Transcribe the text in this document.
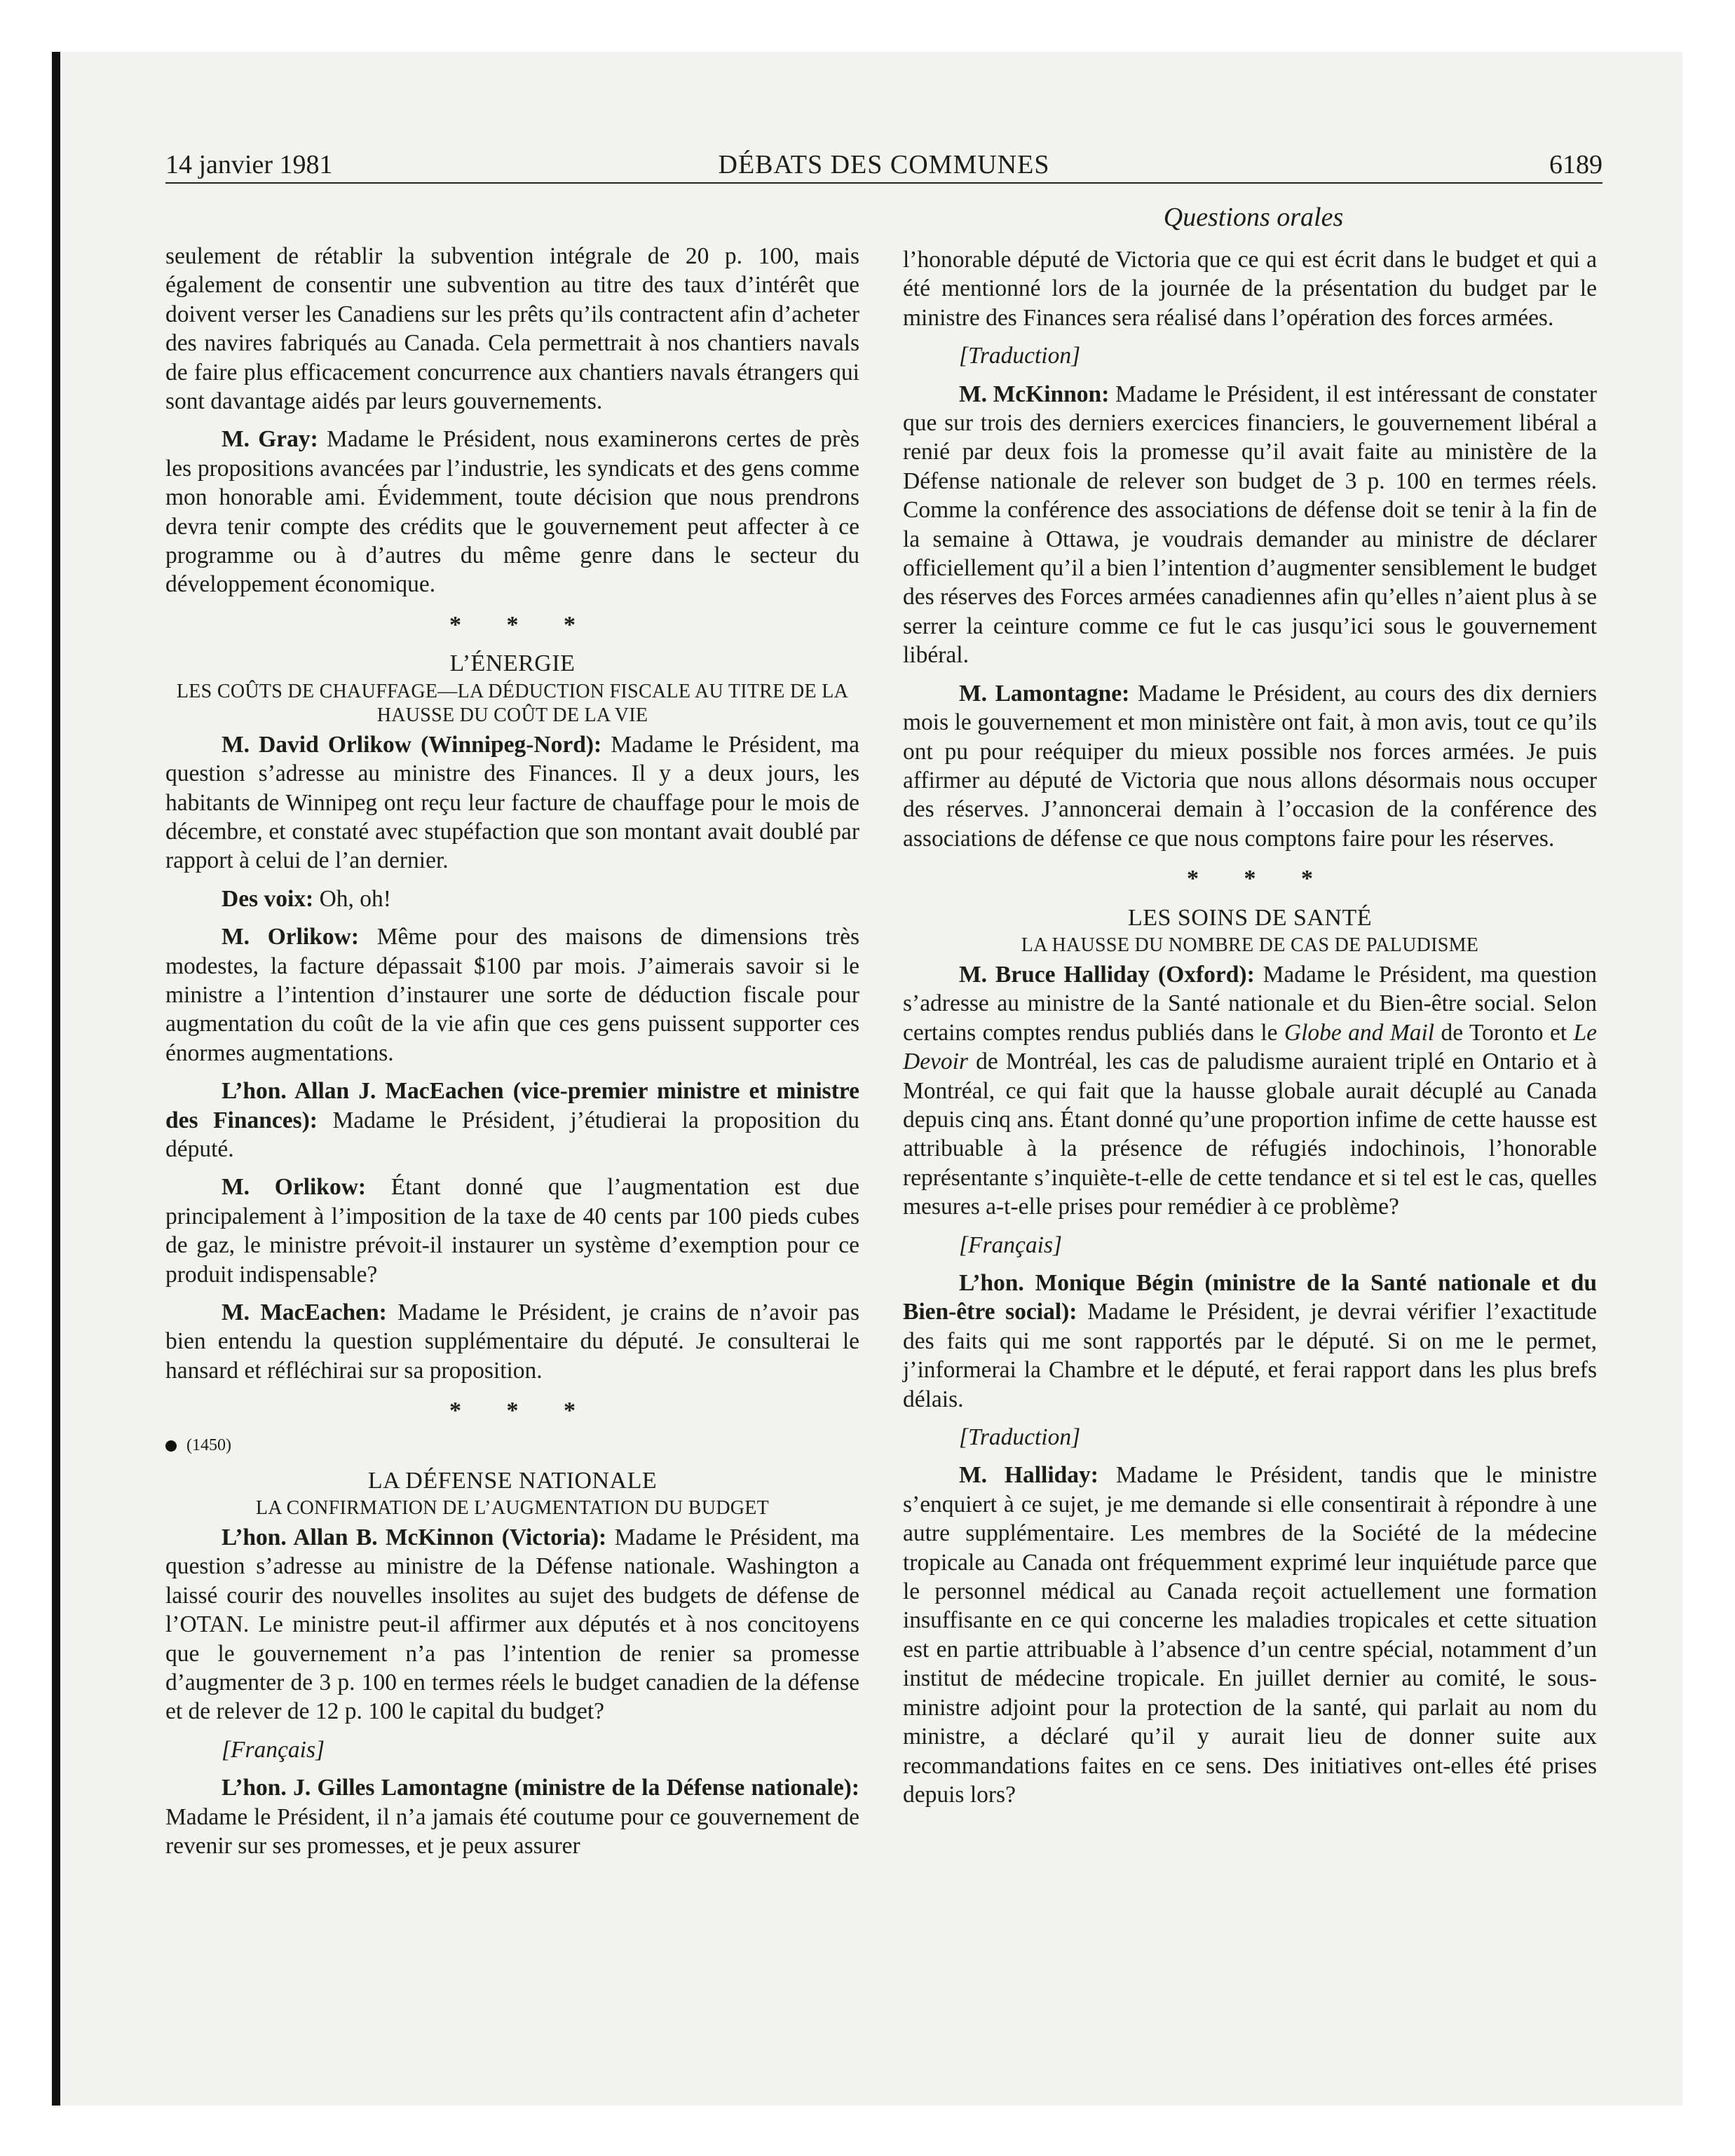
14 janvier 1981	DÉBATS DES COMMUNES	6189
Questions orales

seulement de rétablir la subvention intégrale de 20 p. 100, mais également de consentir une subvention au titre des taux d’intérêt que doivent verser les Canadiens sur les prêts qu’ils contractent afin d’acheter des navires fabriqués au Canada. Cela permettrait à nos chantiers navals de faire plus efficacement concurrence aux chantiers navals étrangers qui sont davantage aidés par leurs gouvernements.

M. Gray: Madame le Président, nous examinerons certes de près les propositions avancées par l’industrie, les syndicats et des gens comme mon honorable ami. Évidemment, toute décision que nous prendrons devra tenir compte des crédits que le gouvernement peut affecter à ce programme ou à d’autres du même genre dans le secteur du développement économique.

* * *
L’ÉNERGIE
LES COÛTS DE CHAUFFAGE—LA DÉDUCTION FISCALE AU TITRE DE LA HAUSSE DU COÛT DE LA VIE

M. David Orlikow (Winnipeg-Nord): Madame le Président, ma question s’adresse au ministre des Finances. Il y a deux jours, les habitants de Winnipeg ont reçu leur facture de chauffage pour le mois de décembre, et constaté avec stupéfaction que son montant avait doublé par rapport à celui de l’an dernier.

Des voix: Oh, oh!

M. Orlikow: Même pour des maisons de dimensions très modestes, la facture dépassait $100 par mois. J’aimerais savoir si le ministre a l’intention d’instaurer une sorte de déduction fiscale pour augmentation du coût de la vie afin que ces gens puissent supporter ces énormes augmentations.

L’hon. Allan J. MacEachen (vice-premier ministre et ministre des Finances): Madame le Président, j’étudierai la proposition du député.

M. Orlikow: Étant donné que l’augmentation est due principalement à l’imposition de la taxe de 40 cents par 100 pieds cubes de gaz, le ministre prévoit-il instaurer un système d’exemption pour ce produit indispensable?

M. MacEachen: Madame le Président, je crains de n’avoir pas bien entendu la question supplémentaire du député. Je consulterai le hansard et réfléchirai sur sa proposition.

* * *
(1450)
LA DÉFENSE NATIONALE
LA CONFIRMATION DE L’AUGMENTATION DU BUDGET

L’hon. Allan B. McKinnon (Victoria): Madame le Président, ma question s’adresse au ministre de la Défense nationale. Washington a laissé courir des nouvelles insolites au sujet des budgets de défense de l’OTAN. Le ministre peut-il affirmer aux députés et à nos concitoyens que le gouvernement n’a pas l’intention de renier sa promesse d’augmenter de 3 p. 100 en termes réels le budget canadien de la défense et de relever de 12 p. 100 le capital du budget?

[Français]

L’hon. J. Gilles Lamontagne (ministre de la Défense nationale): Madame le Président, il n’a jamais été coutume pour ce gouvernement de revenir sur ses promesses, et je peux assurer

l’honorable député de Victoria que ce qui est écrit dans le budget et qui a été mentionné lors de la journée de la présentation du budget par le ministre des Finances sera réalisé dans l’opération des forces armées.

[Traduction]

M. McKinnon: Madame le Président, il est intéressant de constater que sur trois des derniers exercices financiers, le gouvernement libéral a renié par deux fois la promesse qu’il avait faite au ministère de la Défense nationale de relever son budget de 3 p. 100 en termes réels. Comme la conférence des associations de défense doit se tenir à la fin de la semaine à Ottawa, je voudrais demander au ministre de déclarer officiellement qu’il a bien l’intention d’augmenter sensiblement le budget des réserves des Forces armées canadiennes afin qu’elles n’aient plus à se serrer la ceinture comme ce fut le cas jusqu’ici sous le gouvernement libéral.

M. Lamontagne: Madame le Président, au cours des dix derniers mois le gouvernement et mon ministère ont fait, à mon avis, tout ce qu’ils ont pu pour reéquiper du mieux possible nos forces armées. Je puis affirmer au député de Victoria que nous allons désormais nous occuper des réserves. J’annoncerai demain à l’occasion de la conférence des associations de défense ce que nous comptons faire pour les réserves.

* * *
LES SOINS DE SANTÉ
LA HAUSSE DU NOMBRE DE CAS DE PALUDISME

M. Bruce Halliday (Oxford): Madame le Président, ma question s’adresse au ministre de la Santé nationale et du Bien-être social. Selon certains comptes rendus publiés dans le Globe and Mail de Toronto et Le Devoir de Montréal, les cas de paludisme auraient triplé en Ontario et à Montréal, ce qui fait que la hausse globale aurait décuplé au Canada depuis cinq ans. Étant donné qu’une proportion infime de cette hausse est attribuable à la présence de réfugiés indochinois, l’honorable représentante s’inquiète-t-elle de cette tendance et si tel est le cas, quelles mesures a-t-elle prises pour remédier à ce problème?

[Français]

L’hon. Monique Bégin (ministre de la Santé nationale et du Bien-être social): Madame le Président, je devrai vérifier l’exactitude des faits qui me sont rapportés par le député. Si on me le permet, j’informerai la Chambre et le député, et ferai rapport dans les plus brefs délais.

[Traduction]

M. Halliday: Madame le Président, tandis que le ministre s’enquiert à ce sujet, je me demande si elle consentirait à répondre à une autre supplémentaire. Les membres de la Société de la médecine tropicale au Canada ont fréquemment exprimé leur inquiétude parce que le personnel médical au Canada reçoit actuellement une formation insuffisante en ce qui concerne les maladies tropicales et cette situation est en partie attribuable à l’absence d’un centre spécial, notamment d’un institut de médecine tropicale. En juillet dernier au comité, le sous-ministre adjoint pour la protection de la santé, qui parlait au nom du ministre, a déclaré qu’il y aurait lieu de donner suite aux recommandations faites en ce sens. Des initiatives ont-elles été prises depuis lors?
